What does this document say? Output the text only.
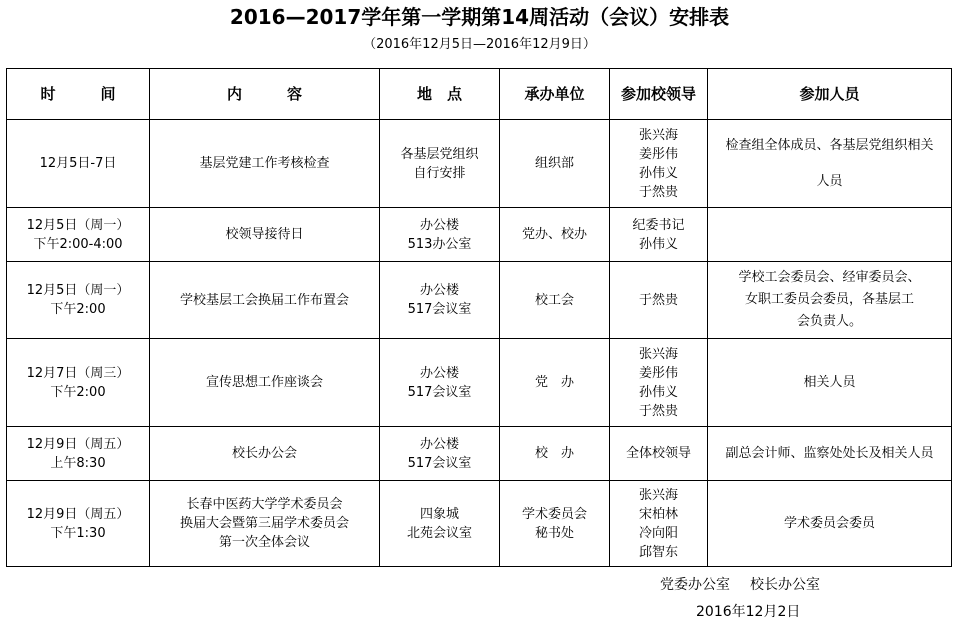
2016—2017学年第一学期第14周活动（会议）安排表
（2016年12月5日—2016年12月9日）
时　　　间	内　　　容	地　点	承办单位	参加校领导	参加人员

12月5日-7日	基层党建工作考核检查	各基层党组织
自行安排	组织部	张兴海
姜彤伟
孙伟义
于然贵	检查组全体成员、各基层党组织相关
人员

12月5日（周一）
下午2:00-4:00	校领导接待日	办公楼
513办公室	党办、校办	纪委书记
孙伟义	

12月5日（周一）
下午2:00	学校基层工会换届工作布置会	办公楼
517会议室	校工会	于然贵	学校工会委员会、经审委员会、
女职工委员会委员，各基层工
会负责人。

12月7日（周三）
下午2:00	宣传思想工作座谈会	办公楼
517会议室	党　办	张兴海
姜彤伟
孙伟义
于然贵	相关人员

12月9日（周五）
上午8:30	校长办公会	办公楼
517会议室	校　办	全体校领导	副总会计师、监察处处长及相关人员

12月9日（周五）
下午1:30	长春中医药大学学术委员会
换届大会暨第三届学术委员会
第一次全体会议	四象城
北苑会议室	学术委员会
秘书处	张兴海
宋柏林
冷向阳
邱智东	学术委员会委员
党委办公室 校长办公室
2016年12月2日
